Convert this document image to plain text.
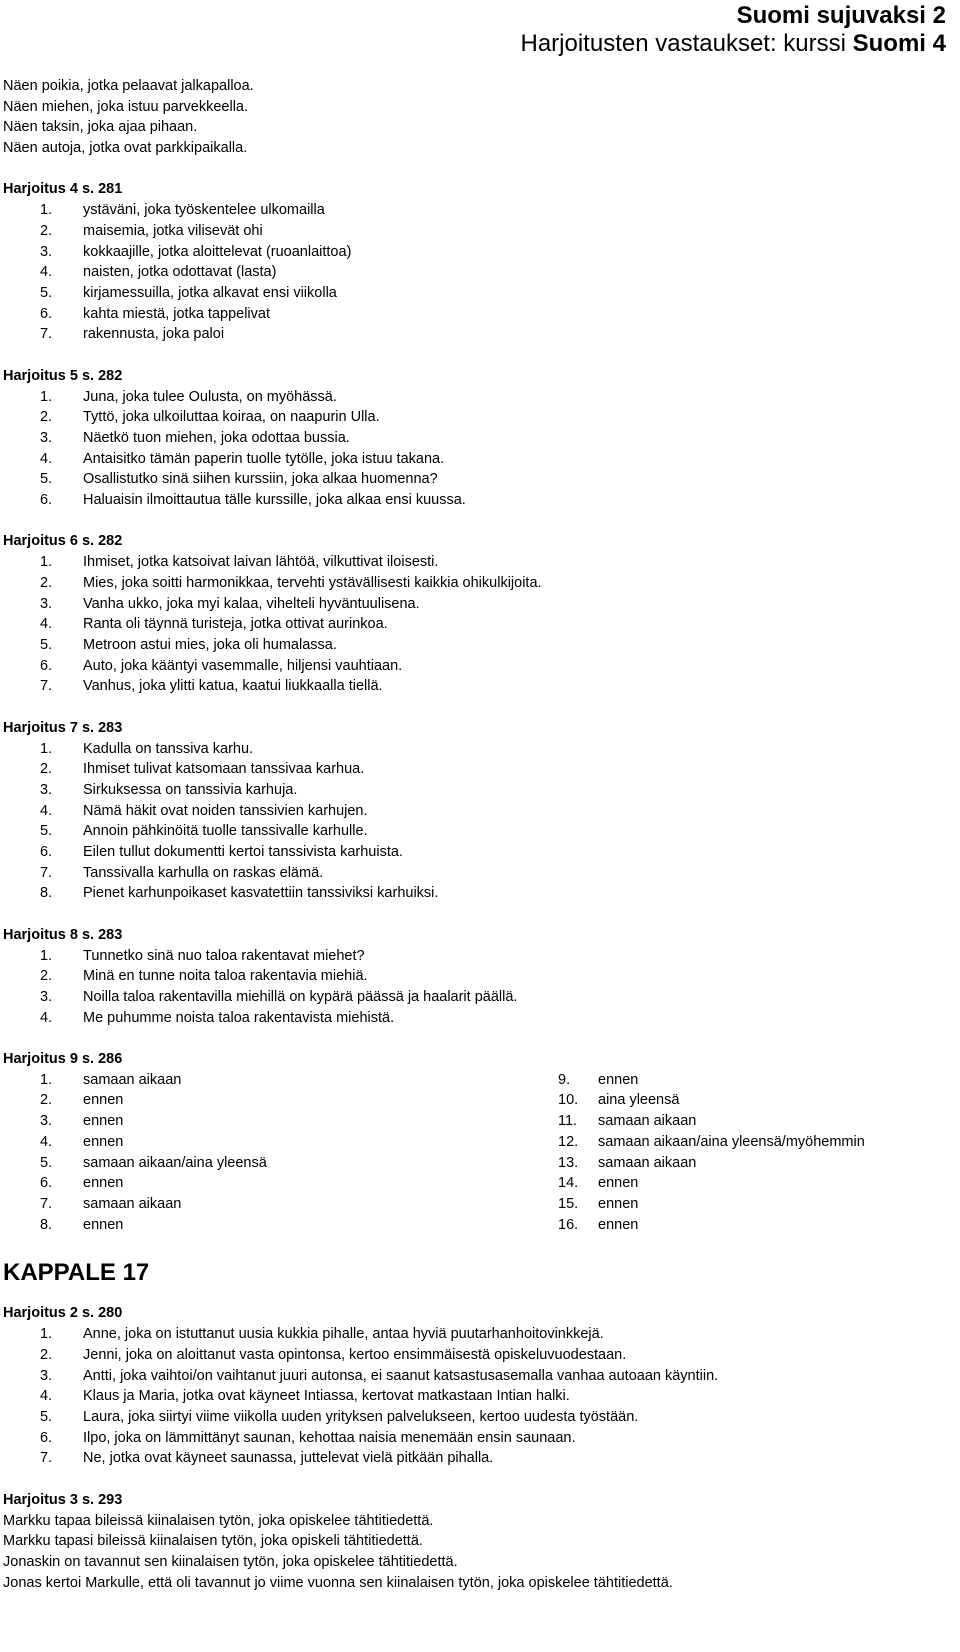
Suomi sujuvaksi 2
Harjoitusten vastaukset: kurssi Suomi 4
Näen poikia, jotka pelaavat jalkapalloa.
Näen miehen, joka istuu parvekkeella.
Näen taksin, joka ajaa pihaan.
Näen autoja, jotka ovat parkkipaikalla.
Harjoitus 4 s. 281
1.	ystäväni, joka työskentelee ulkomailla
2.	maisemia, jotka vilisevät ohi
3.	kokkaajille, jotka aloittelevat (ruoanlaittoa)
4.	naisten, jotka odottavat (lasta)
5.	kirjamessuilla, jotka alkavat ensi viikolla
6.	kahta miestä, jotka tappelivat
7.	rakennusta, joka paloi
Harjoitus 5 s. 282
1.	Juna, joka tulee Oulusta, on myöhässä.
2.	Tyttö, joka ulkoiluttaa koiraa, on naapurin Ulla.
3.	Näetkö tuon miehen, joka odottaa bussia.
4.	Antaisitko tämän paperin tuolle tytölle, joka istuu takana.
5.	Osallistutko sinä siihen kurssiin, joka alkaa huomenna?
6.	Haluaisin ilmoittautua tälle kurssille, joka alkaa ensi kuussa.
Harjoitus 6 s. 282
1.	Ihmiset, jotka katsoivat laivan lähtöä, vilkuttivat iloisesti.
2.	Mies, joka soitti harmonikkaa, tervehti ystävällisesti kaikkia ohikulkijoita.
3.	Vanha ukko, joka myi kalaa, vihelteli hyväntuulisena.
4.	Ranta oli täynnä turisteja, jotka ottivat aurinkoa.
5.	Metroon astui mies, joka oli humalassa.
6.	Auto, joka kääntyi vasemmalle, hiljensi vauhtiaan.
7.	Vanhus, joka ylitti katua, kaatui liukkaalla tiellä.
Harjoitus 7 s. 283
1.	Kadulla on tanssiva karhu.
2.	Ihmiset tulivat katsomaan tanssivaa karhua.
3.	Sirkuksessa on tanssivia karhuja.
4.	Nämä häkit ovat noiden tanssivien karhujen.
5.	Annoin pähkinöitä tuolle tanssivalle karhulle.
6.	Eilen tullut dokumentti kertoi tanssivista karhuista.
7.	Tanssivalla karhulla on raskas elämä.
8.	Pienet karhunpoikaset kasvatettiin tanssiviksi karhuiksi.
Harjoitus 8 s. 283
1.	Tunnetko sinä nuo taloa rakentavat miehet?
2.	Minä en tunne noita taloa rakentavia miehiä.
3.	Noilla taloa rakentavilla miehillä on kypärä päässä ja haalarit päällä.
4.	Me puhumme noista taloa rakentavista miehistä.
Harjoitus 9 s. 286
1.	samaan aikaan
2.	ennen
3.	ennen
4.	ennen
5.	samaan aikaan/aina yleensä
6.	ennen
7.	samaan aikaan
8.	ennen
9.	ennen
10.	aina yleensä
11.	samaan aikaan
12.	samaan aikaan/aina yleensä/myöhemmin
13.	samaan aikaan
14.	ennen
15.	ennen
16.	ennen
KAPPALE 17
Harjoitus 2 s. 280
1.	Anne, joka on istuttanut uusia kukkia pihalle, antaa hyviä puutarhanhoitovinkkejä.
2.	Jenni, joka on aloittanut vasta opintonsa, kertoo ensimmäisestä opiskeluvuodestaan.
3.	Antti, joka vaihtoi/on vaihtanut juuri autonsa, ei saanut katsastusasemalla vanhaa autoaan käyntiin.
4.	Klaus ja Maria, jotka ovat käyneet Intiassa, kertovat matkastaan Intian halki.
5.	Laura, joka siirtyi viime viikolla uuden yrityksen palvelukseen, kertoo uudesta työstään.
6.	Ilpo, joka on lämmittänyt saunan, kehottaa naisia menemään ensin saunaan.
7.	Ne, jotka ovat käyneet saunassa, juttelevat vielä pitkään pihalla.
Harjoitus 3 s. 293
Markku tapaa bileissä kiinalaisen tytön, joka opiskelee tähtitiedettä.
Markku tapasi bileissä kiinalaisen tytön, joka opiskeli tähtitiedettä.
Jonaskin on tavannut sen kiinalaisen tytön, joka opiskelee tähtitiedettä.
Jonas kertoi Markulle, että oli tavannut jo viime vuonna sen kiinalaisen tytön, joka opiskelee tähtitiedettä.
